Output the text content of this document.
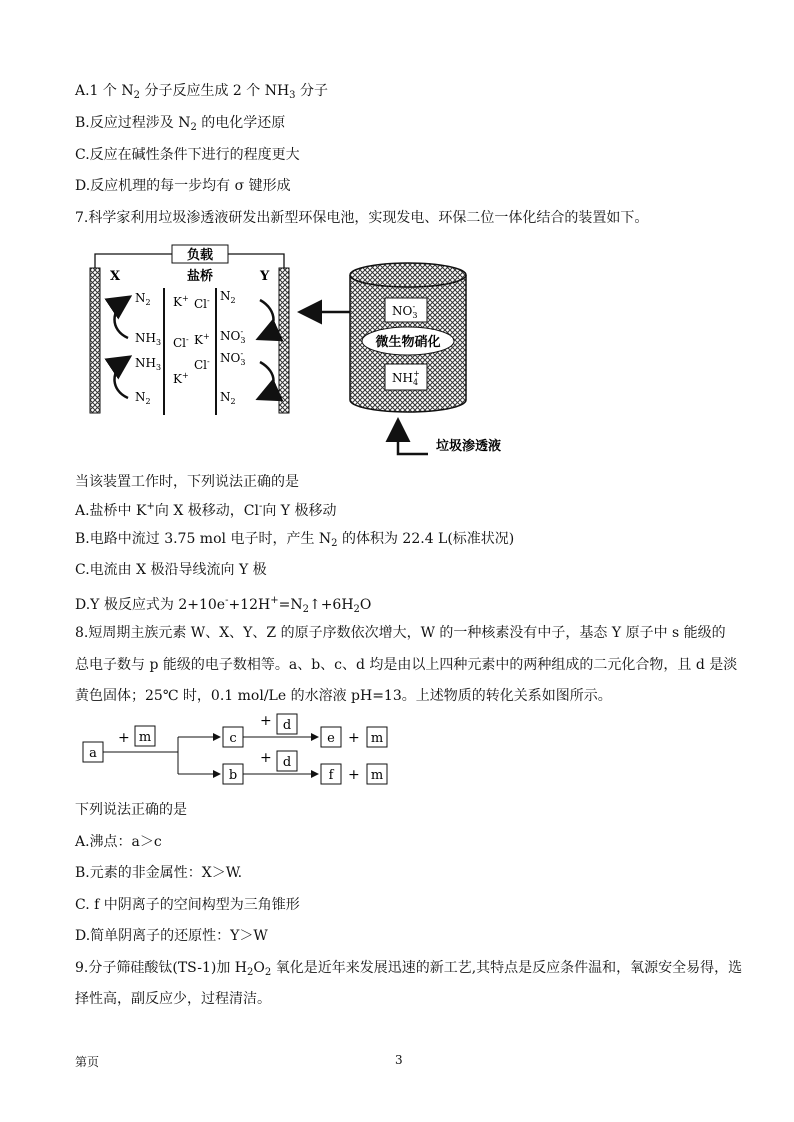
A.1 个 $N_2$ 分子反应生成 2 个 $NH_3$ 分子
B.反应过程涉及 $N_2$ 的电化学还原
C.反应在碱性条件下进行的程度更大
D.反应机理的每一步均有 σ 键形成
7.科学家利用垃圾渗透液研发出新型环保电池，实现发电、环保二位一体化结合的装置如下。
负载
盐桥
X	Y
$N_2$
$NH_3$
$NH_3$
$N_2$
K+ Cl-
Cl- K+
Cl-
K+
$N_2$
$NO_3-$
$NO_3-$
$N_2$
$NO_3-$
微生物硝化
$NH_4+$
垃圾渗透液
当该装置工作时，下列说法正确的是
A.盐桥中 K+向 X 极移动，Cl-向 Y 极移动
B.电路中流过 3.75 mol 电子时，产生 $N_2$ 的体积为 22.4 L(标准状况)
C.电流由 X 极沿导线流向 Y 极
D.Y 极反应式为 $2+10e^-+12H^+=N_2↑+6H_2O$
8.短周期主族元素 W、X、Y、Z 的原子序数依次增大，W 的一种核素没有中子，基态 Y 原子中 s 能级的
总电子数与 p 能级的电子数相等。a、b、c、d 均是由以上四种元素中的两种组成的二元化合物，且 d 是淡
黄色固体；25℃ 时，0.1 mol/Le 的水溶液 pH=13。上述物质的转化关系如图所示。
a
+ m	c
b
+ d
+ d
e + m
f + m
下列说法正确的是
A.沸点：a＞c
B.元素的非金属性：X＞W.
C. f 中阴离子的空间构型为三角锥形
D.简单阴离子的还原性：Y＞W
9.分子筛硅酸钛(TS-1)加 $H_2O_2$ 氧化是近年来发展迅速的新工艺,其特点是反应条件温和，氧源安全易得，选
择性高，副反应少，过程清洁。
第页	3
